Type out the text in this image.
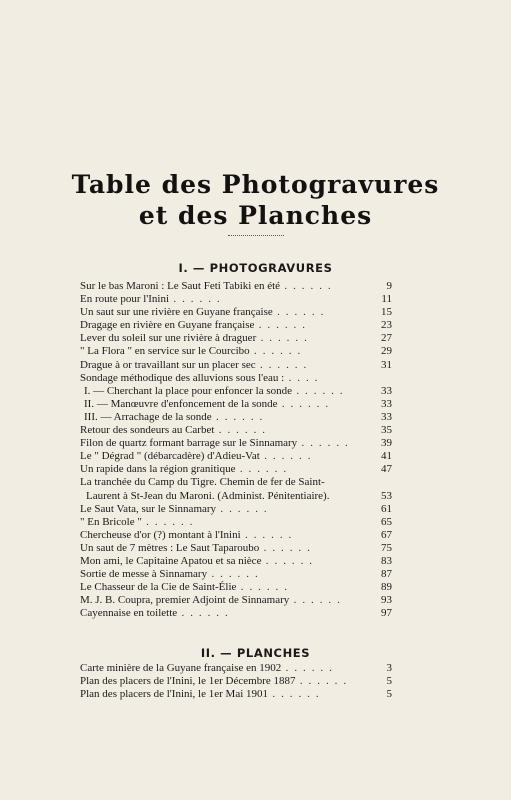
Table des Photogravures
et des Planches
I. — PHOTOGRAVURES
Sur le bas Maroni : Le Saut Feti Tabiki en été . . . . . .	9
En route pour l'Inini . . . . . .	11
Un saut sur une rivière en Guyane française . . . . . .	15
Dragage en rivière en Guyane française . . . . . .	23
Lever du soleil sur une rivière à draguer . . . . . .	27
" La Flora " en service sur le Courcibo . . . . . .	29
Drague à or travaillant sur un placer sec . . . . . .	31
Sondage méthodique des alluvions sous l'eau : . . . .
I. — Cherchant la place pour enfoncer la sonde . . . . . .	33
II. — Manœuvre d'enfoncement de la sonde . . . . . .	33
III. — Arrachage de la sonde . . . . . .	33
Retour des sondeurs au Carbet . . . . . .	35
Filon de quartz formant barrage sur le Sinnamary . . . . . .	39
Le " Dégrad " (débarcadère) d'Adieu-Vat . . . . . .	41
Un rapide dans la région granitique . . . . . .	47
La tranchée du Camp du Tigre. Chemin de fer de Saint-
Laurent à St-Jean du Maroni. (Administ. Pénitentiaire).	53
Le Saut Vata, sur le Sinnamary . . . . . .	61
" En Bricole " . . . . . .	65
Chercheuse d'or (?) montant à l'Inini . . . . . .	67
Un saut de 7 mètres : Le Saut Taparoubo . . . . . .	75
Mon ami, le Capitaine Apatou et sa nièce . . . . . .	83
Sortie de messe à Sinnamary . . . . . .	87
Le Chasseur de la Cie de Saint-Élie . . . . . .	89
M. J. B. Coupra, premier Adjoint de Sinnamary . . . . . .	93
Cayennaise en toilette . . . . . .	97
II. — PLANCHES
Carte minière de la Guyane française en 1902 . . . . . .	3
Plan des placers de l'Inini, le 1er Décembre 1887 . . . . . .	5
Plan des placers de l'Inini, le 1er Mai 1901 . . . . . .	5
